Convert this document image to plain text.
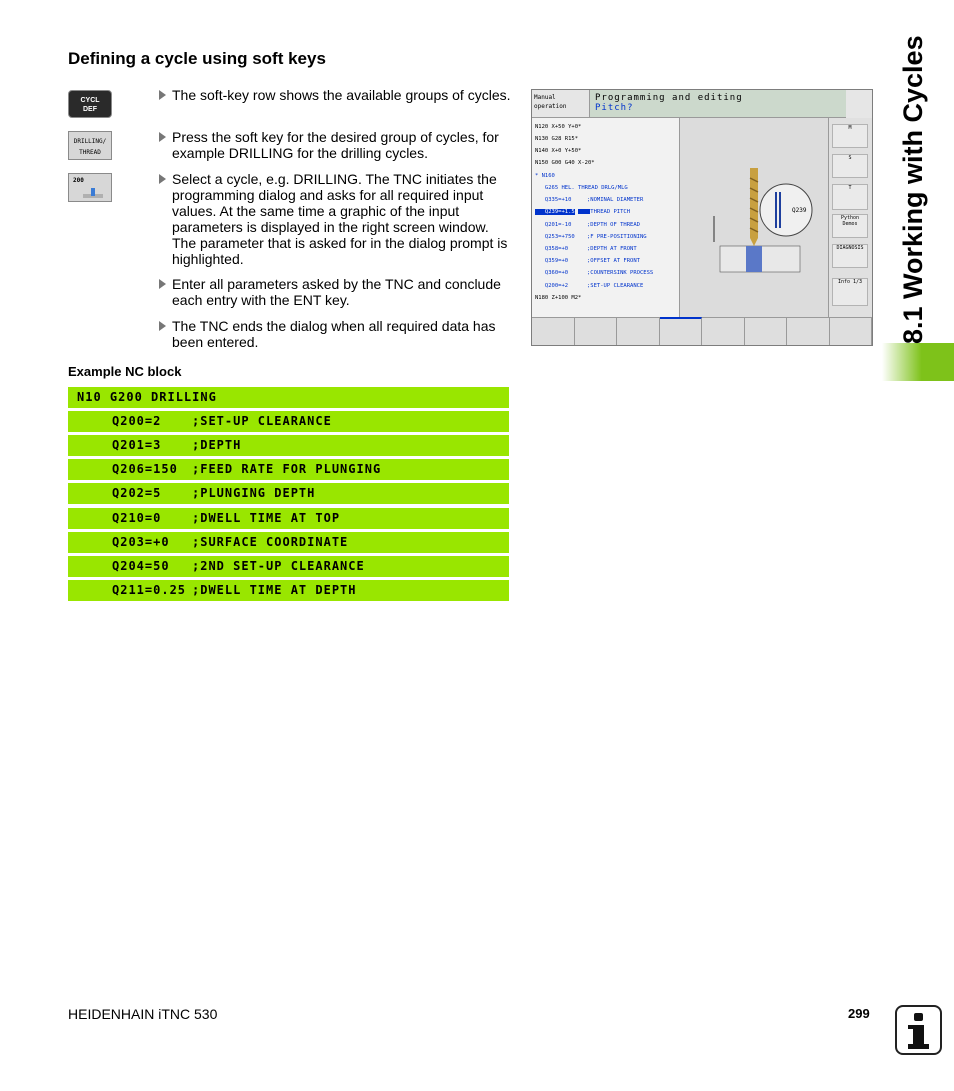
Defining a cycle using soft keys
CYCL
DEF
DRILLING/
THREAD
200
The soft-key row shows the available groups of cycles.
Press the soft key for the desired group of cycles, for example DRILLING for the drilling cycles.
Select a cycle, e.g. DRILLING. The TNC initiates the programming dialog and asks for all required input values. At the same time a graphic of the input parameters is displayed in the right screen window. The parameter that is asked for in the dialog prompt is highlighted.
Enter all parameters asked by the TNC and conclude each entry with the ENT key.
The TNC ends the dialog when all required data has been entered.
Example NC block
N10 G200 DRILLING
Q200=2	;SET-UP CLEARANCE
Q201=3	;DEPTH
Q206=150 ;FEED RATE FOR PLUNGING
Q202=5	;PLUNGING DEPTH
Q210=0	;DWELL TIME AT TOP
Q203=+0 ;SURFACE COORDINATE
Q204=50 ;2ND SET-UP CLEARANCE
Q211=0.25 ;DWELL TIME AT DEPTH
Manual
operation
Programming and editing
Pitch?
N120 X+50 Y+0*
N130 G28 R15*
N140 X+0 Y+50*
N150 G00 G40 X-20*
* N160
G265 HEL. THREAD DRLG/MLG
Q335=+10	;NOMINAL DIAMETER
Q239=+1.5 ;THREAD PITCH
Q201=-10	;DEPTH OF THREAD
Q253=+750 ;F PRE-POSITIONING
Q358=+0	;DEPTH AT FRONT
Q359=+0	;OFFSET AT FRONT
Q360=+0	;COUNTERSINK PROCESS
Q200=+2	;SET-UP CLEARANCE
N180 Z+100 M2*
Q239
M
S
T
Python Demos
DIAGNOSIS
Info 1/3 8.1 Working with Cycles
HEIDENHAIN iTNC 530	299
